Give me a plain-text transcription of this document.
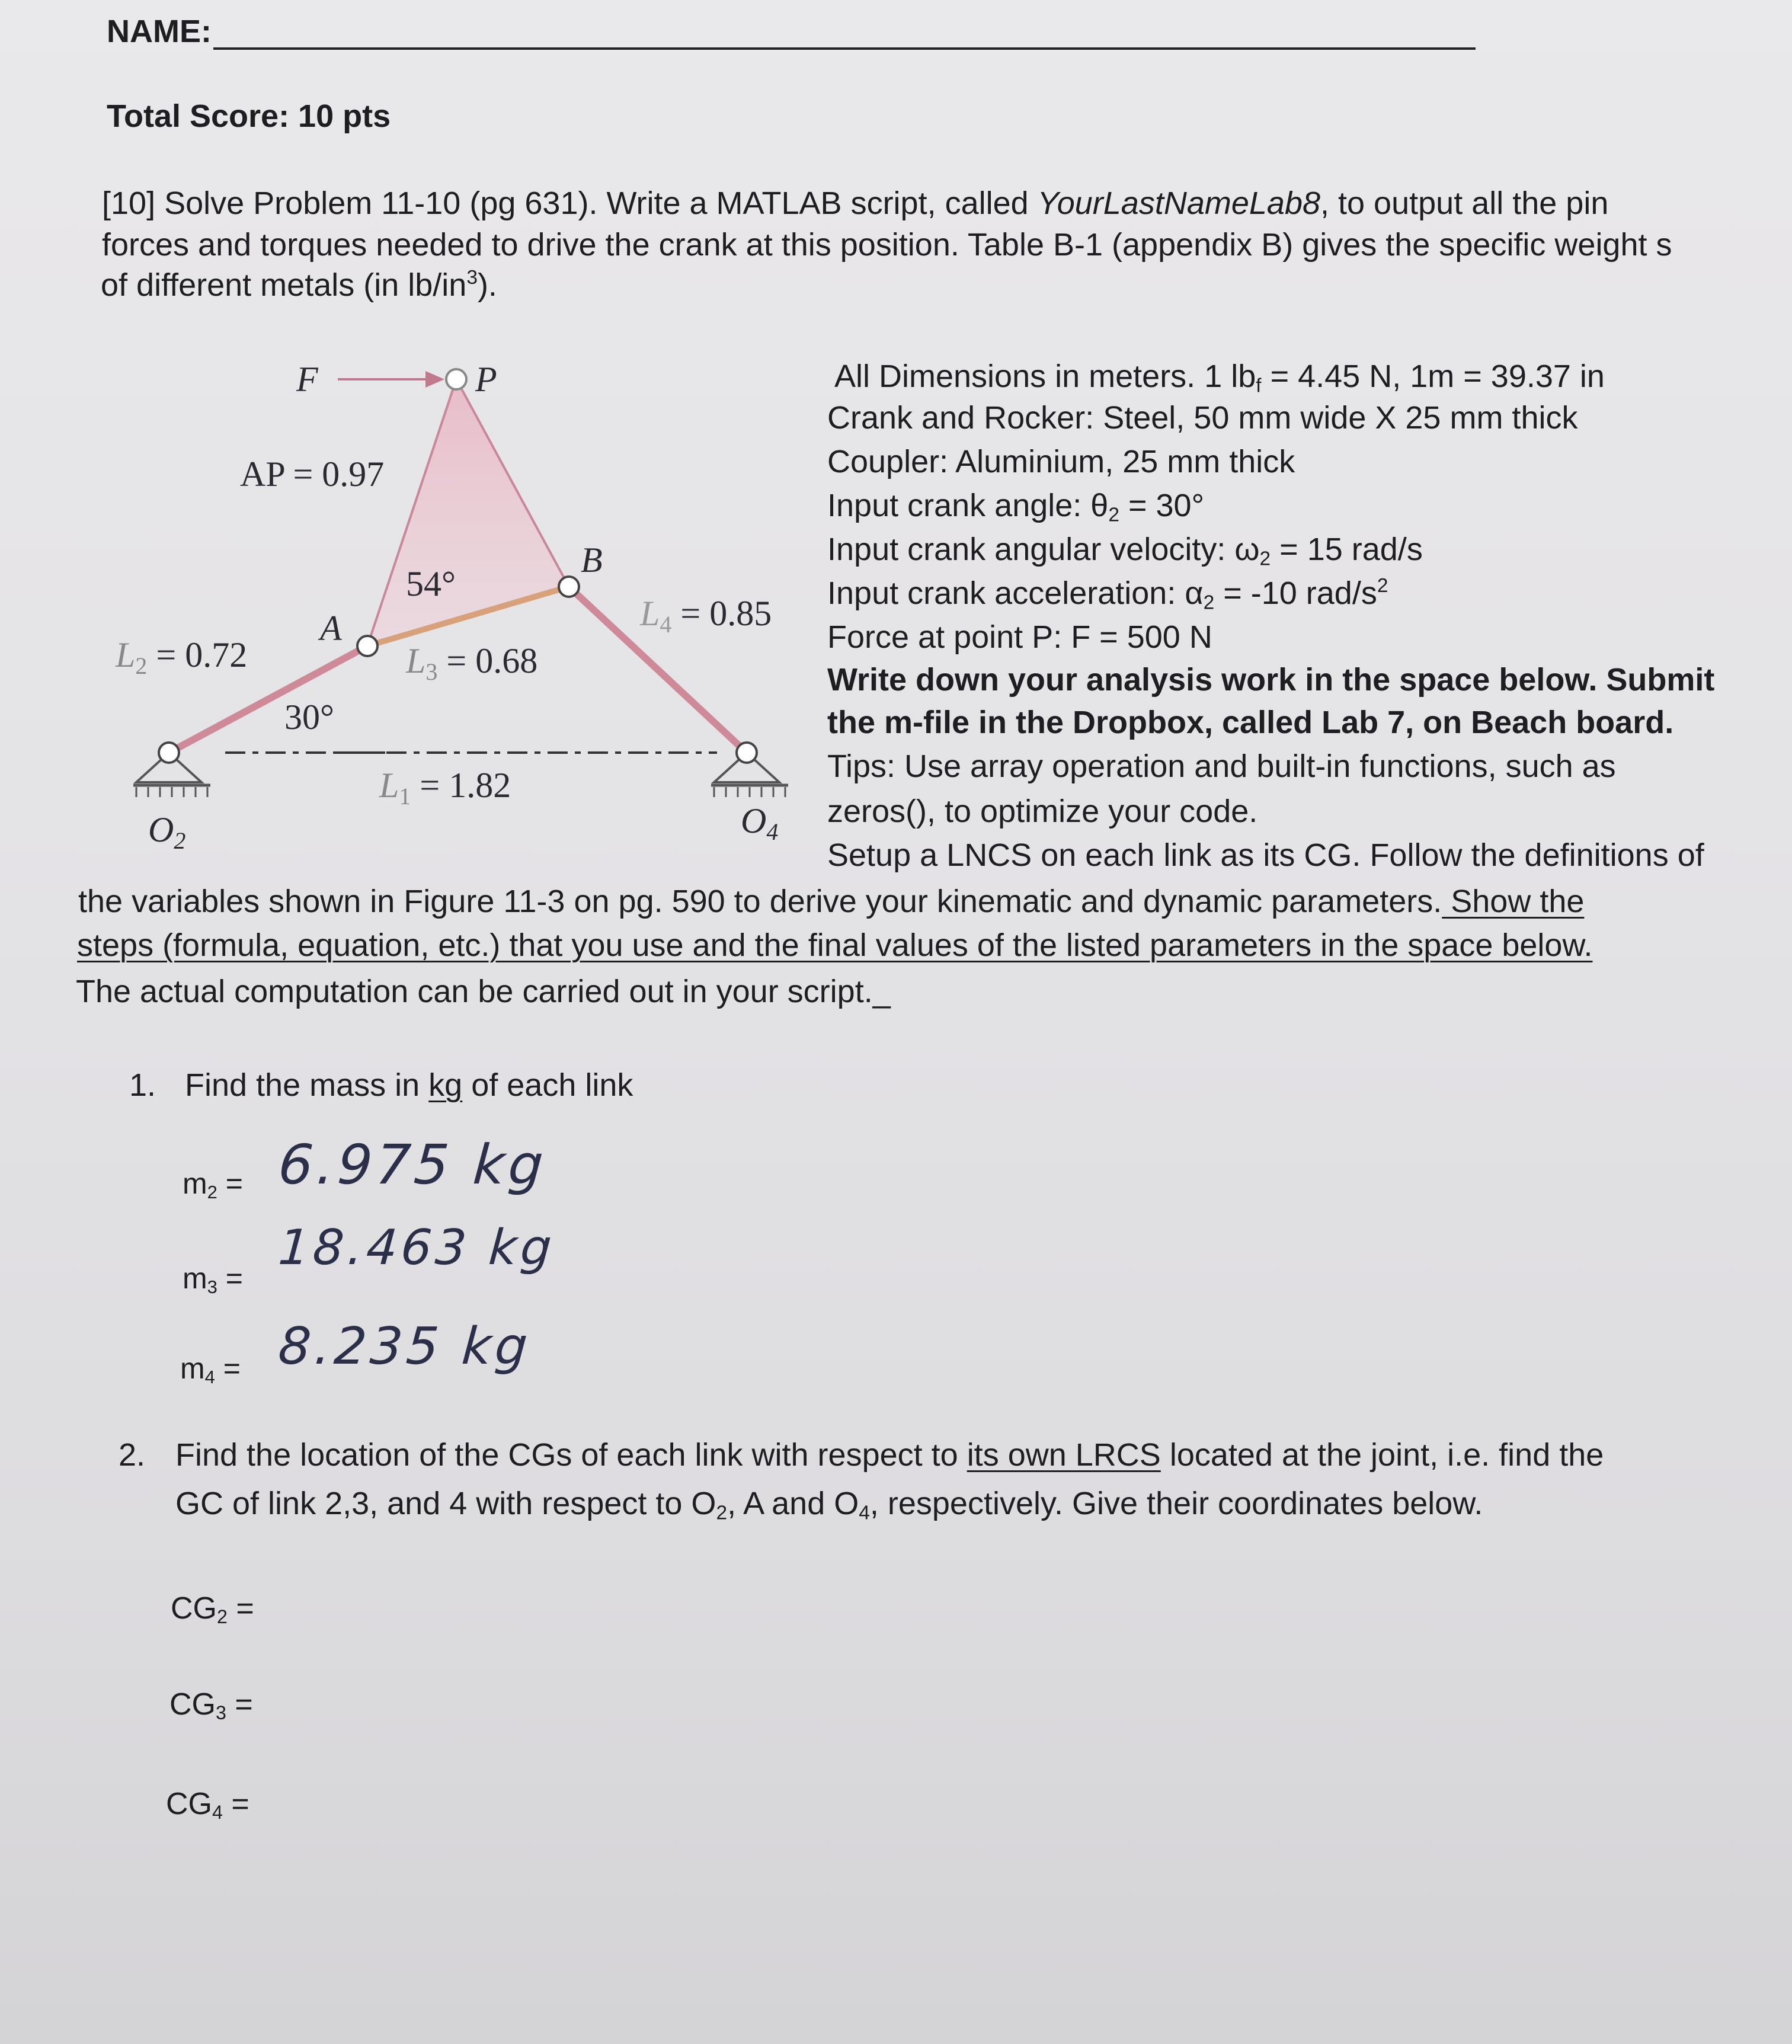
NAME:
Total Score: 10 pts
[10] Solve Problem 11-10 (pg 631). Write a MATLAB script, called YourLastNameLab8, to output all the pin
forces and torques needed to drive the crank at this position. Table B-1 (appendix B) gives the specific weight s
of different metals (in $lb/in^3$).
F	P
AP = 0.97
54°
B
A
$L_2 = 0.72$	$L_3 = 0.68$
$L_4 = 0.85$
30°
$L_1 = 1.82$
$O_2$
$O_4$
All Dimensions in meters. 1 $lb_f = 4.45$ N, 1m = 39.37 in
Crank and Rocker: Steel, 50 mm wide X 25 mm thick
Coupler: Aluminium, 25 mm thick
Input crank angle: $\theta_2 = 30^\circ$
Input crank angular velocity: $\omega_2 = 15$ rad/s
Input crank acceleration: $\alpha_2 = -10$ rad/$s^2$
Force at point P: F = 500 N
Write down your analysis work in the space below. Submit
the m-file in the Dropbox, called Lab 7, on Beach board.
Tips: Use array operation and built-in functions, such as
zeros(), to optimize your code.
Setup a LNCS on each link as its CG. Follow the definitions of
the variables shown in Figure 11-3 on pg. 590 to derive your kinematic and dynamic parameters. Show the
steps (formula, equation, etc.) that you use and the final values of the listed parameters in the space below.
The actual computation can be carried out in your script._
1. Find the mass in kg of each link
$m_2 = 6.975$ kg
$m_3$ =
18.463 kg
$m_4 = 8.235$ kg
2. Find the location of the CGs of each link with respect to its own LRCS located at the joint, i.e. find the
GC of link 2,3, and 4 with respect to $O_2$, A and $O_4$, respectively. Give their coordinates below.
$CG_2$ =
$CG_3$ =
$CG_4$ =
